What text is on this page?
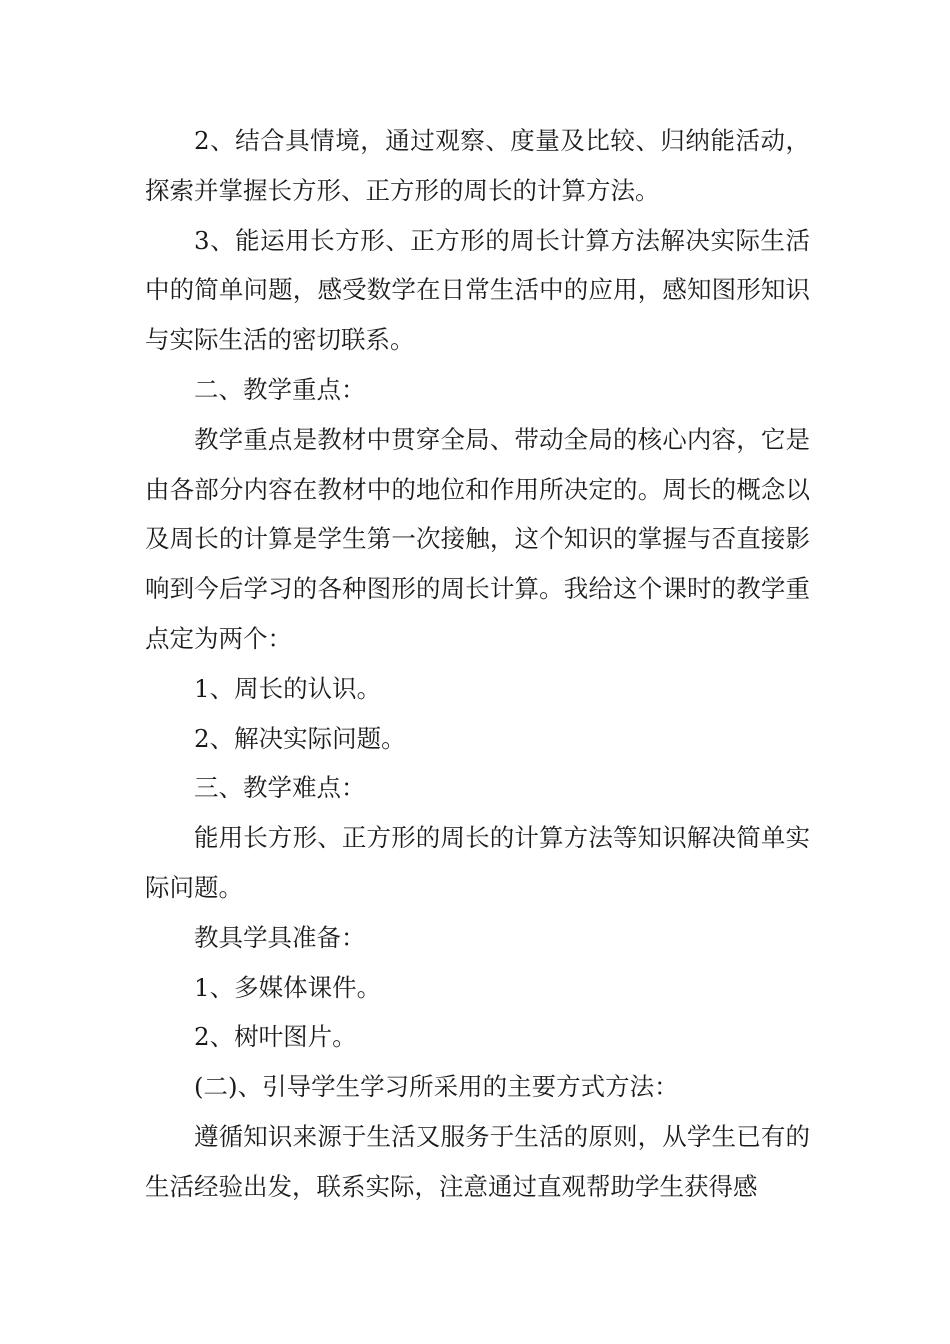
2、结合具情境，通过观察、度量及比较、归纳能活动，探索并掌握长方形、正方形的周长的计算方法。

3、能运用长方形、正方形的周长计算方法解决实际生活中的简单问题，感受数学在日常生活中的应用，感知图形知识与实际生活的密切联系。

二、教学重点：

教学重点是教材中贯穿全局、带动全局的核心内容，它是由各部分内容在教材中的地位和作用所决定的。周长的概念以及周长的计算是学生第一次接触，这个知识的掌握与否直接影响到今后学习的各种图形的周长计算。我给这个课时的教学重点定为两个：

1、周长的认识。

2、解决实际问题。

三、教学难点：

能用长方形、正方形的周长的计算方法等知识解决简单实际问题。

教具学具准备：

1、多媒体课件。

2、树叶图片。

(二)、引导学生学习所采用的主要方式方法：

遵循知识来源于生活又服务于生活的原则，从学生已有的生活经验出发，联系实际，注意通过直观帮助学生获得感
